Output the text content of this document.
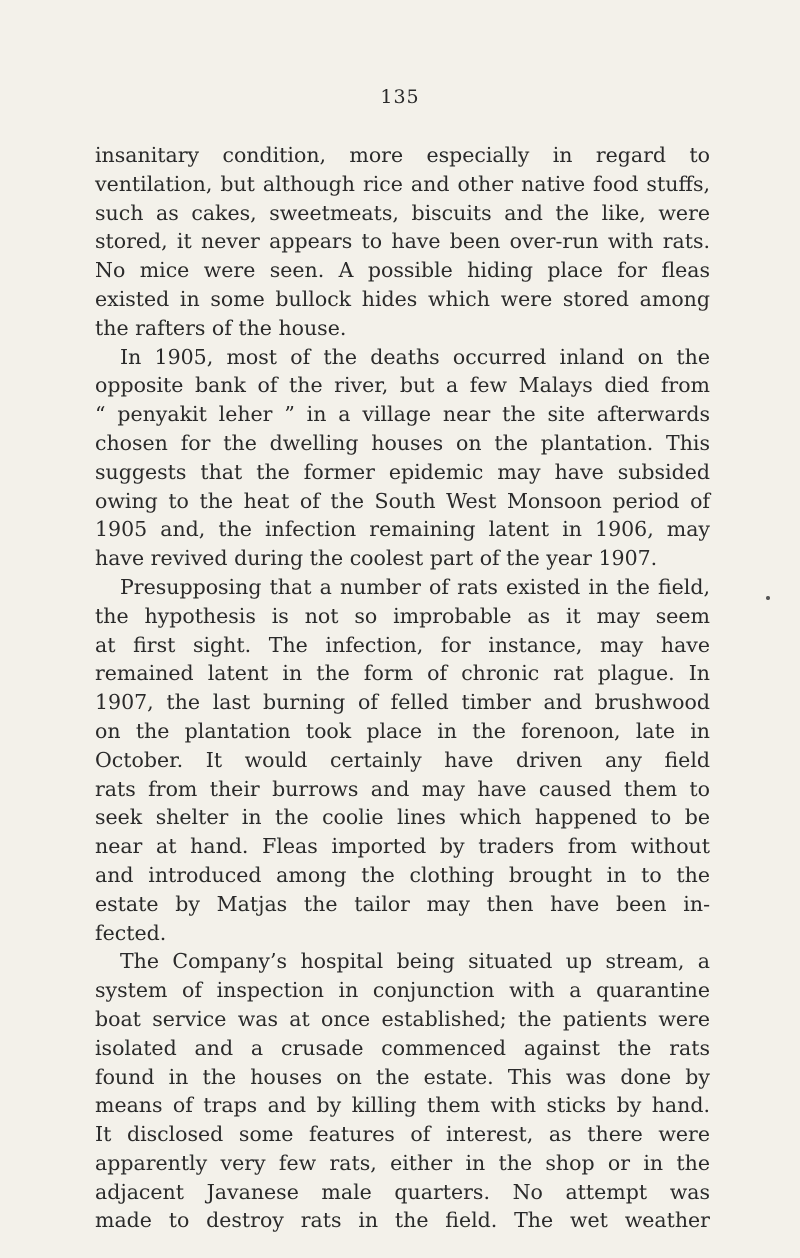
135
insanitary condition, more especially in regard to
ventilation, but although rice and other native food stuffs,
such as cakes, sweetmeats, biscuits and the like, were
stored, it never appears to have been over-run with rats.
No mice were seen. A possible hiding place for fleas
existed in some bullock hides which were stored among
the rafters of the house.
In 1905, most of the deaths occurred inland on the
opposite bank of the river, but a few Malays died from
“ penyakit leher ” in a village near the site afterwards
chosen for the dwelling houses on the plantation. This
suggests that the former epidemic may have subsided
owing to the heat of the South West Monsoon period of
1905 and, the infection remaining latent in 1906, may
have revived during the coolest part of the year 1907.
Presupposing that a number of rats existed in the field,
the hypothesis is not so improbable as it may seem
at first sight. The infection, for instance, may have
remained latent in the form of chronic rat plague. In
1907, the last burning of felled timber and brushwood
on the plantation took place in the forenoon, late in
October. It would certainly have driven any field
rats from their burrows and may have caused them to
seek shelter in the coolie lines which happened to be
near at hand. Fleas imported by traders from without
and introduced among the clothing brought in to the
estate by Matjas the tailor may then have been in-
fected.
The Company’s hospital being situated up stream, a
system of inspection in conjunction with a quarantine
boat service was at once established; the patients were
isolated and a crusade commenced against the rats
found in the houses on the estate. This was done by
means of traps and by killing them with sticks by hand.
It disclosed some features of interest, as there were
apparently very few rats, either in the shop or in the
adjacent Javanese male quarters. No attempt was
made to destroy rats in the field. The wet weather
